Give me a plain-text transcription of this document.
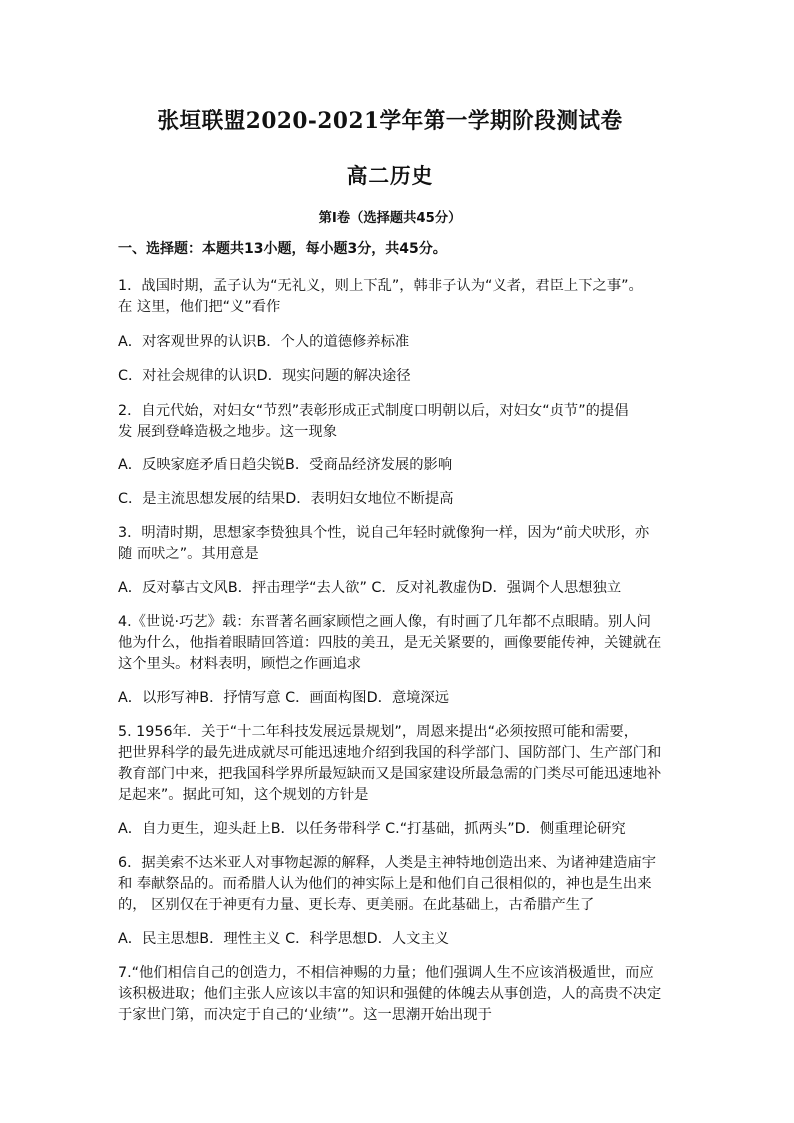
张垣联盟2020-2021学年第一学期阶段测试卷
高二历史
第I卷（选择题共45分）
一、选择题：本题共13小题，每小题3分，共45分。
1．战国时期，孟子认为“无礼义，则上下乱”，韩非子认为“义者，君臣上下之事”。
在 这里，他们把“义”看作
A．对客观世界的认识B．个人的道德修养标准
C．对社会规律的认识D．现实问题的解决途径
2．自元代始，对妇女“节烈”表彰形成正式制度口明朝以后，对妇女“贞节”的提倡
发 展到登峰造极之地步。这一现象
A．反映家庭矛盾日趋尖锐B．受商品经济发展的影响
C．是主流思想发展的结果D．表明妇女地位不断提高
3．明清时期，思想家李贽独具个性，说自己年轻时就像狗一样，因为“前犬吠形，亦
随 而吠之”。其用意是
A．反对摹古文风B．抨击理学“去人欲” C．反对礼教虚伪D．强调个人思想独立
4.《世说·巧艺》载：东晋著名画家顾恺之画人像，有时画了几年都不点眼睛。别人问
他为什么，他指着眼睛回答道：四肢的美丑，是无关紧要的，画像要能传神，关键就在
这个里头。材料表明，顾恺之作画追求
A．以形写神B．抒情写意 C．画面构图D．意境深远
5. 1956年．关于“十二年科技发展远景规划”，周恩来提出“必须按照可能和需要，
把世界科学的最先进成就尽可能迅速地介绍到我国的科学部门、国防部门、生产部门和
教育部门中来，把我国科学界所最短缺而又是国家建设所最急需的门类尽可能迅速地补
足起来”。据此可知，这个规划的方针是
A．自力更生，迎头赶上B．以任务带科学 C.“打基础，抓两头”D．侧重理论研究
6．据美索不达米亚人对事物起源的解释，人类是主神特地创造出来、为诸神建造庙宇
和 奉献祭品的。而希腊人认为他们的神实际上是和他们自己很相似的，神也是生出来
的， 区别仅在于神更有力量、更长寿、更美丽。在此基础上，古希腊产生了
A．民主思想B．理性主义 C．科学思想D．人文主义
7.“他们相信自己的创造力，不相信神赐的力量；他们强调人生不应该消极遁世，而应
该积极进取；他们主张人应该以丰富的知识和强健的体魄去从事创造，人的高贵不决定
于家世门第，而决定于自己的‘业绩’”。这一思潮开始出现于
